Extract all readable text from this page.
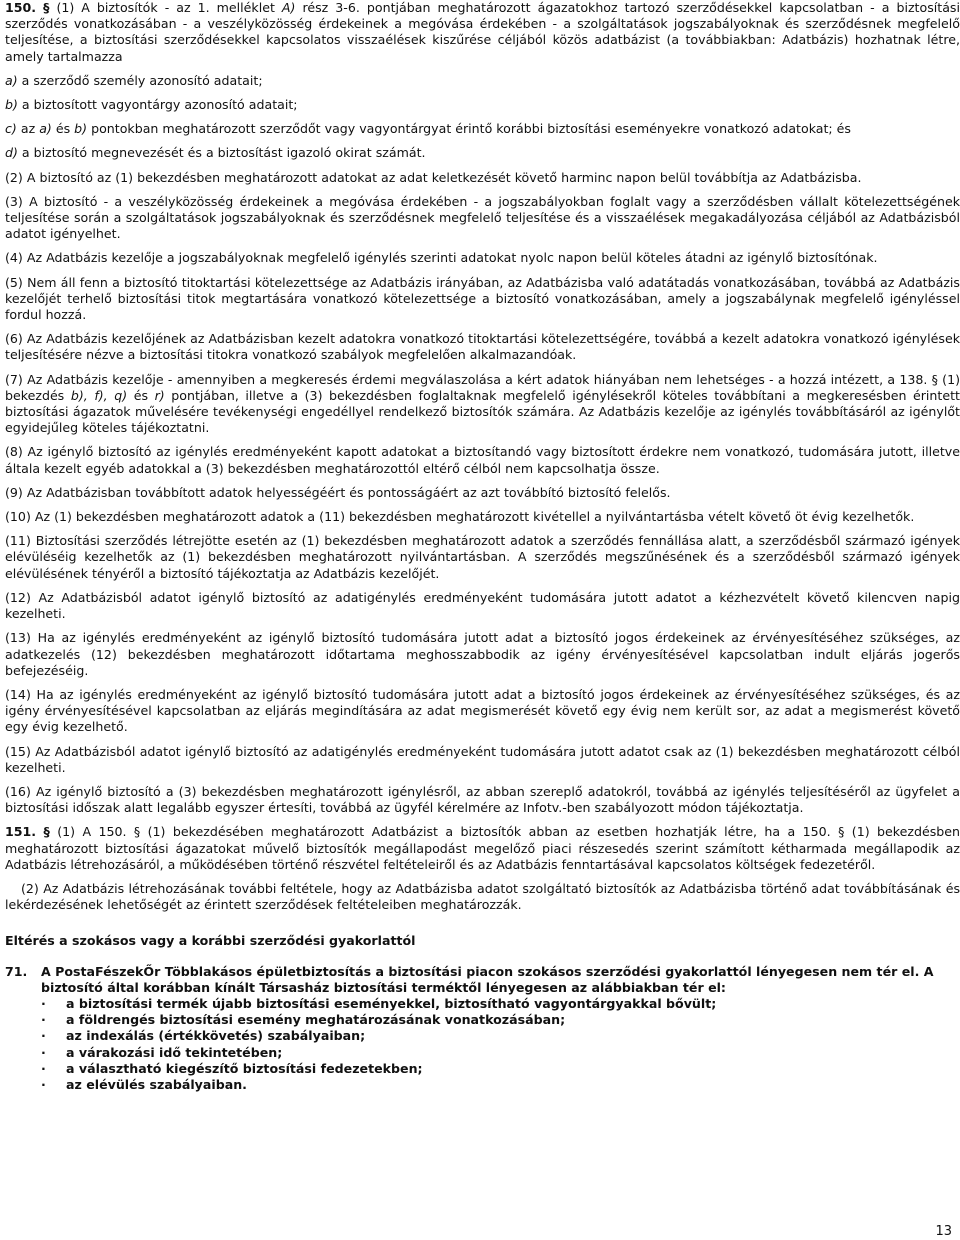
150. § (1) A biztosítók - az 1. melléklet A) rész 3-6. pontjában meghatározott ágazatokhoz tartozó szerződésekkel kapcsolatban - a biztosítási szerződés vonatkozásában - a veszélyközösség érdekeinek a megóvása érdekében - a szolgáltatások jogszabályoknak és szerződésnek megfelelő teljesítése, a biztosítási szerződésekkel kapcsolatos visszaélések kiszűrése céljából közös adatbázist (a továbbiakban: Adatbázis) hozhatnak létre, amely tartalmazza

a) a szerződő személy azonosító adatait;

b) a biztosított vagyontárgy azonosító adatait;

c) az a) és b) pontokban meghatározott szerződőt vagy vagyontárgyat érintő korábbi biztosítási eseményekre vonatkozó adatokat; és

d) a biztosító megnevezését és a biztosítást igazoló okirat számát.

(2) A biztosító az (1) bekezdésben meghatározott adatokat az adat keletkezését követő harminc napon belül továbbítja az Adatbázisba.

(3) A biztosító - a veszélyközösség érdekeinek a megóvása érdekében - a jogszabályokban foglalt vagy a szerződésben vállalt kötelezettségének teljesítése során a szolgáltatások jogszabályoknak és szerződésnek megfelelő teljesítése és a visszaélések megakadályozása céljából az Adatbázisból adatot igényelhet.

(4) Az Adatbázis kezelője a jogszabályoknak megfelelő igénylés szerinti adatokat nyolc napon belül köteles átadni az igénylő biztosítónak.

(5) Nem áll fenn a biztosító titoktartási kötelezettsége az Adatbázis irányában, az Adatbázisba való adatátadás vonatkozásában, továbbá az Adatbázis kezelőjét terhelő biztosítási titok megtartására vonatkozó kötelezettsége a biztosító vonatkozásában, amely a jogszabálynak megfelelő igényléssel fordul hozzá.

(6) Az Adatbázis kezelőjének az Adatbázisban kezelt adatokra vonatkozó titoktartási kötelezettségére, továbbá a kezelt adatokra vonatkozó igénylések teljesítésére nézve a biztosítási titokra vonatkozó szabályok megfelelően alkalmazandóak.

(7) Az Adatbázis kezelője - amennyiben a megkeresés érdemi megválaszolása a kért adatok hiányában nem lehetséges - a hozzá intézett, a 138. § (1) bekezdés b), f), q) és r) pontjában, illetve a (3) bekezdésben foglaltaknak megfelelő igénylésekről köteles továbbítani a megkeresésben érintett biztosítási ágazatok művelésére tevékenységi engedéllyel rendelkező biztosítók számára. Az Adatbázis kezelője az igénylés továbbításáról az igénylőt egyidejűleg köteles tájékoztatni.

(8) Az igénylő biztosító az igénylés eredményeként kapott adatokat a biztosítandó vagy biztosított érdekre nem vonatkozó, tudomására jutott, illetve általa kezelt egyéb adatokkal a (3) bekezdésben meghatározottól eltérő célból nem kapcsolhatja össze.

(9) Az Adatbázisban továbbított adatok helyességéért és pontosságáért az azt továbbító biztosító felelős.

(10) Az (1) bekezdésben meghatározott adatok a (11) bekezdésben meghatározott kivétellel a nyilvántartásba vételt követő öt évig kezelhetők.

(11) Biztosítási szerződés létrejötte esetén az (1) bekezdésben meghatározott adatok a szerződés fennállása alatt, a szerződésből származó igények elévüléséig kezelhetők az (1) bekezdésben meghatározott nyilvántartásban. A szerződés megszűnésének és a szerződésből származó igények elévülésének tényéről a biztosító tájékoztatja az Adatbázis kezelőjét.

(12) Az Adatbázisból adatot igénylő biztosító az adatigénylés eredményeként tudomására jutott adatot a kézhezvételt követő kilencven napig kezelheti.

(13) Ha az igénylés eredményeként az igénylő biztosító tudomására jutott adat a biztosító jogos érdekeinek az érvényesítéséhez szükséges, az adatkezelés (12) bekezdésben meghatározott időtartama meghosszabbodik az igény érvényesítésével kapcsolatban indult eljárás jogerős befejezéséig.

(14) Ha az igénylés eredményeként az igénylő biztosító tudomására jutott adat a biztosító jogos érdekeinek az érvényesítéséhez szükséges, és az igény érvényesítésével kapcsolatban az eljárás megindítására az adat megismerését követő egy évig nem került sor, az adat a megismerést követő egy évig kezelhető.

(15) Az Adatbázisból adatot igénylő biztosító az adatigénylés eredményeként tudomására jutott adatot csak az (1) bekezdésben meghatározott célból kezelheti.

(16) Az igénylő biztosító a (3) bekezdésben meghatározott igénylésről, az abban szereplő adatokról, továbbá az igénylés teljesítéséről az ügyfelet a biztosítási időszak alatt legalább egyszer értesíti, továbbá az ügyfél kérelmére az Infotv.-ben szabályozott módon tájékoztatja.

151. § (1) A 150. § (1) bekezdésében meghatározott Adatbázist a biztosítók abban az esetben hozhatják létre, ha a 150. § (1) bekezdésben meghatározott biztosítási ágazatokat művelő biztosítók megállapodást megelőző piaci részesedés szerint számított kétharmada megállapodik az Adatbázis létrehozásáról, a működésében történő részvétel feltételeiről és az Adatbázis fenntartásával kapcsolatos költségek fedezetéről.

(2) Az Adatbázis létrehozásának további feltétele, hogy az Adatbázisba adatot szolgáltató biztosítók az Adatbázisba történő adat továbbításának és lekérdezésének lehetőségét az érintett szerződések feltételeiben meghatározzák.

Eltérés a szokásos vagy a korábbi szerződési gyakorlattól
71.	A PostaFészekŐr Többlakásos épületbiztosítás a biztosítási piacon szokásos szerződési gyakorlattól lényegesen nem tér el. A biztosító által korábban kínált Társasház biztosítási terméktől lényegesen az alábbiakban tér el:
· a biztosítási termék újabb biztosítási eseményekkel, biztosítható vagyontárgyakkal bővült;
· a földrengés biztosítási esemény meghatározásának vonatkozásában;
· az indexálás (értékkövetés) szabályaiban;
· a várakozási idő tekintetében;
· a választható kiegészítő biztosítási fedezetekben;
· az elévülés szabályaiban.
13
